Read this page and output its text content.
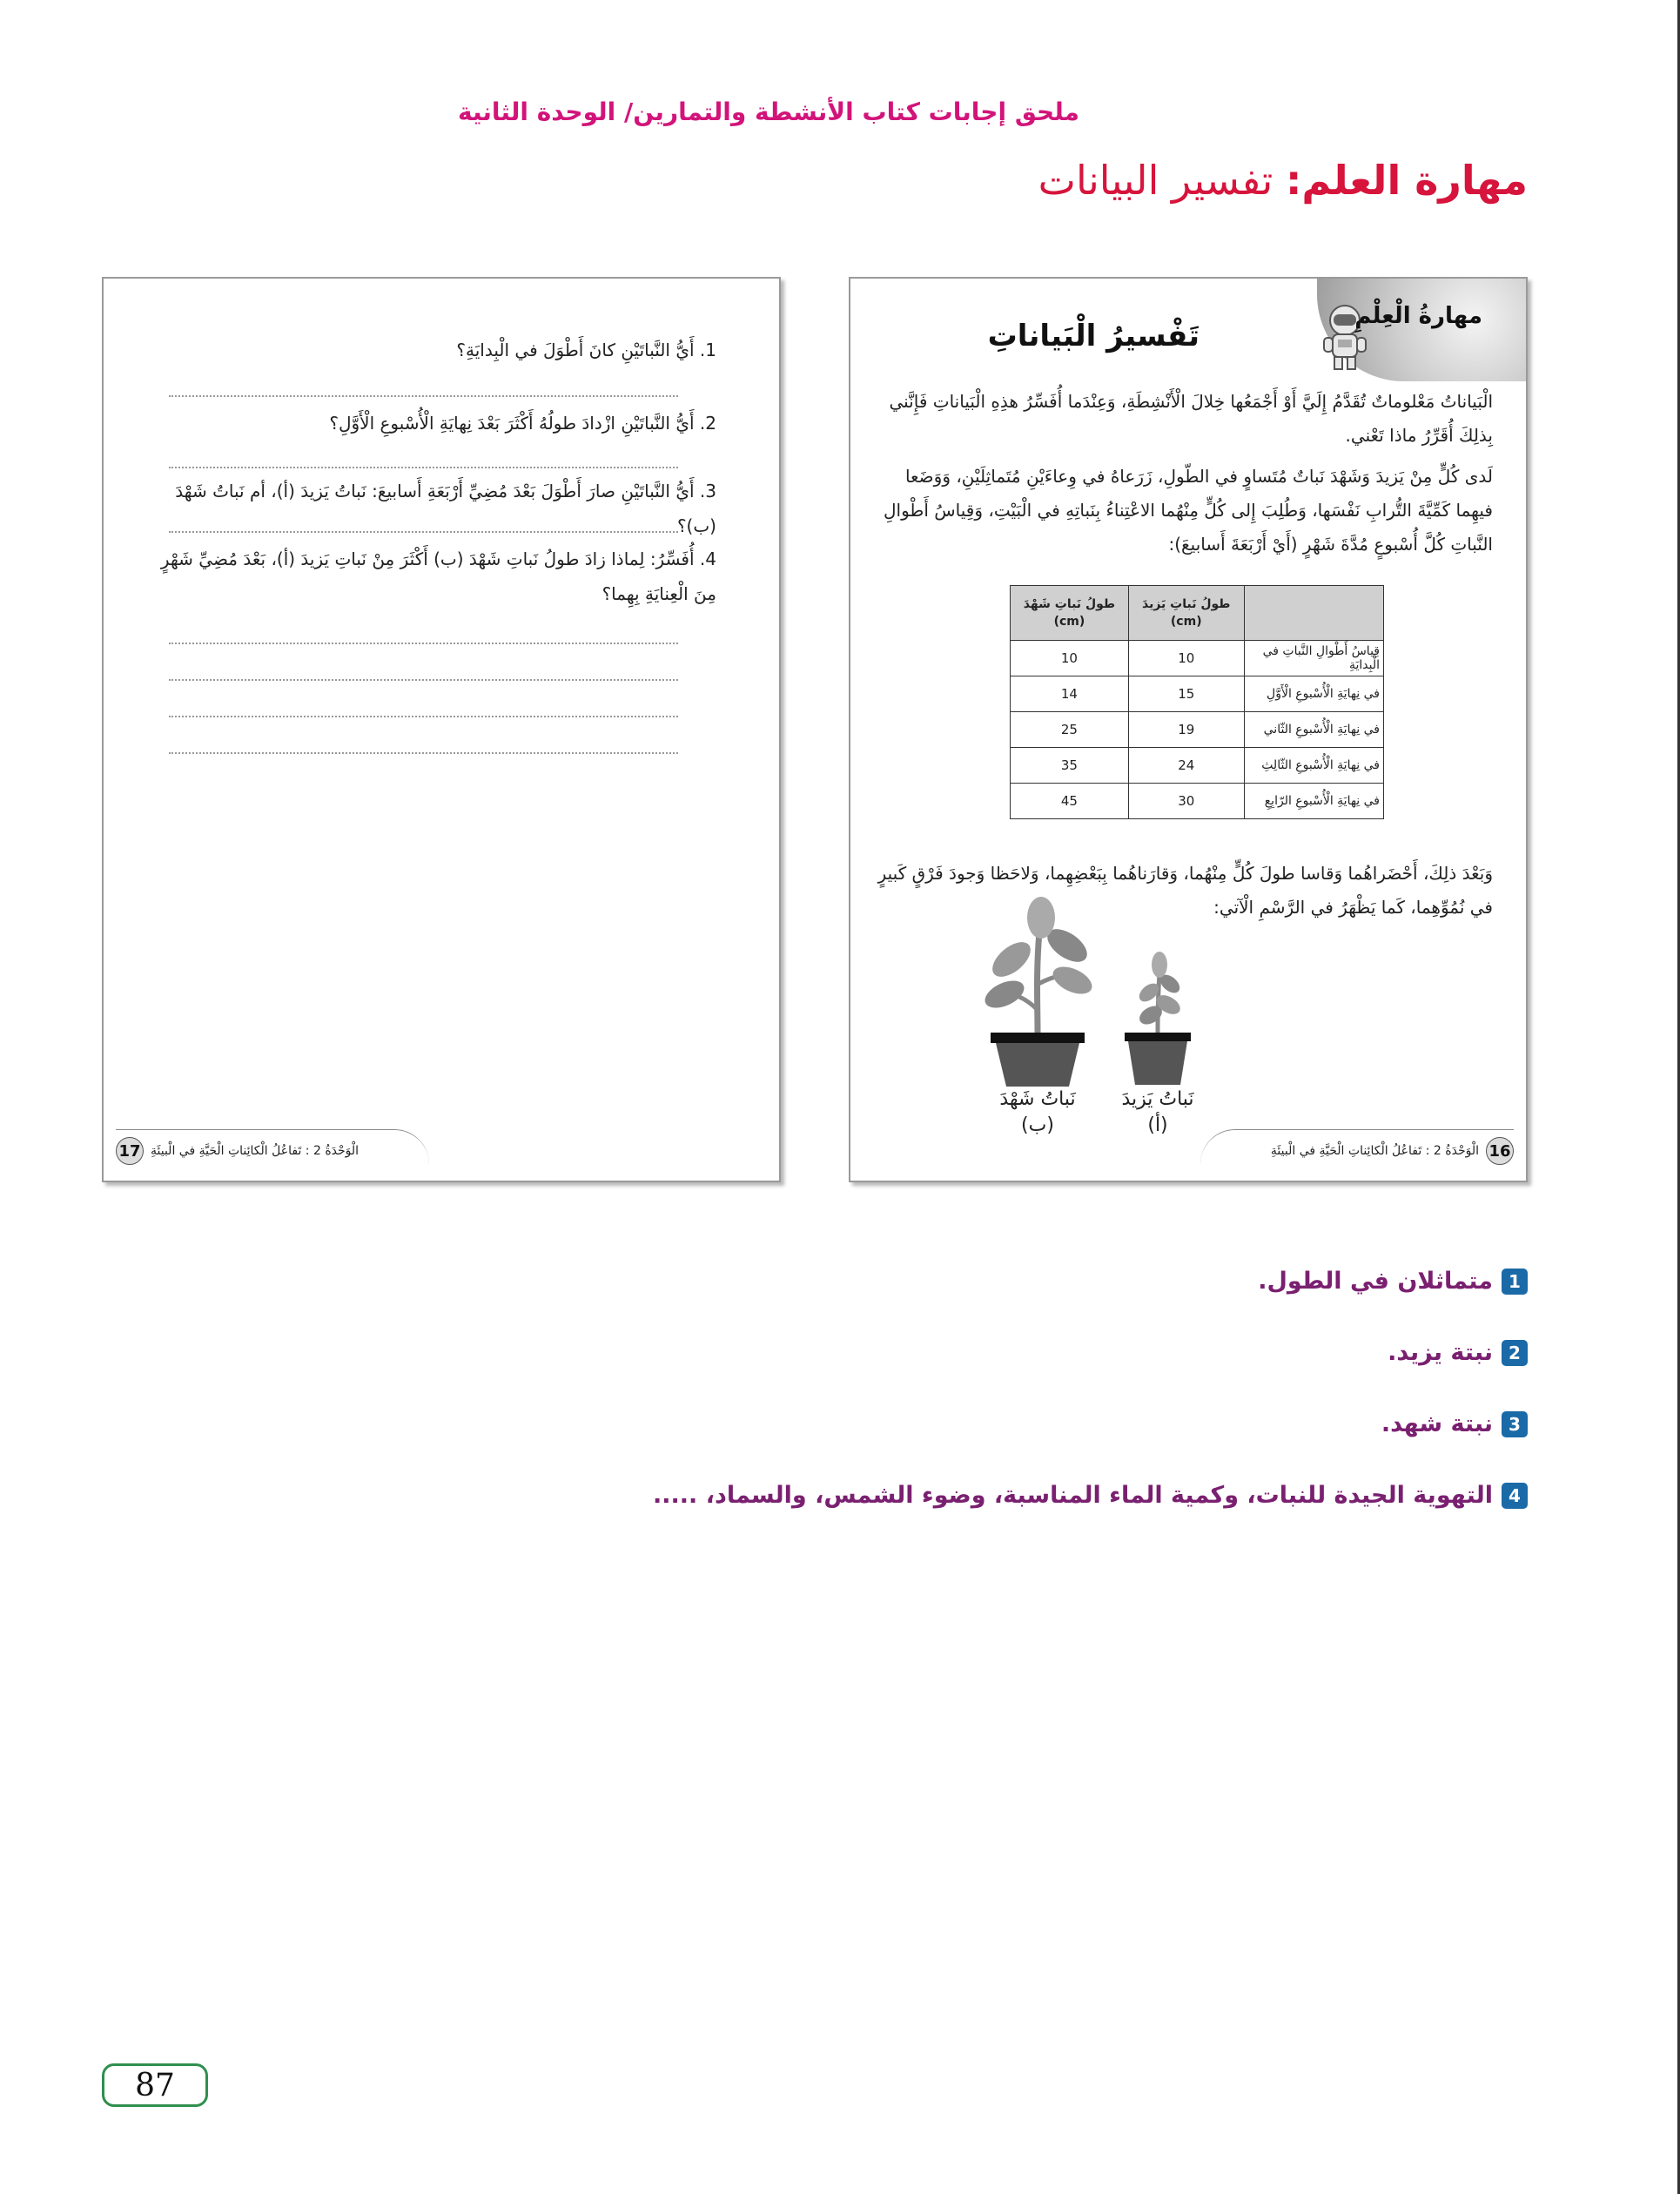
ملحق إجابات كتاب الأنشطة والتمارين/ الوحدة الثانية
مهارة العلم: تفسير البيانات
مهارةُ الْعِلْمِ
تَفْسيرُ الْبَياناتِ

الْبَياناتُ مَعْلوماتٌ تُقَدَّمُ إِلَيَّ أَوْ أَجْمَعُها خِلالَ الْأَنْشِطَةِ، وَعِنْدَما أُفَسِّرُ هذِهِ الْبَياناتِ فَإِنَّني بِذلِكَ أُقَرِّرُ ماذا تَعْني.

لَدى كُلٍّ مِنْ يَزيدَ وَشَهْدَ نَباتٌ مُتَساوٍ في الطّولِ، زَرَعاهُ في وِعاءَيْنِ مُتَماثِلَيْنِ، وَوَضَعا فيهِما كَمِّيَّةَ التُّرابِ نَفْسَها، وَطُلِبَ إِلى كُلٍّ مِنْهُما الاعْتِناءُ بِنَباتِهِ في الْبَيْتِ، وَقِياسُ أَطْوالِ النَّباتِ كُلَّ أُسْبوعٍ مُدَّةَ شَهْرٍ (أَيْ أَرْبَعَةَ أَسابيعَ):

	طولُ نَباتِ يَزيدَ (cm)	طولُ نَباتِ شَهْدَ (cm)
قِياسُ أَطْوالِ النَّباتِ في الْبِدايَةِ	10	10
في نِهايَةِ الْأُسْبوعِ الْأَوَّلِ	15	14
في نِهايَةِ الْأُسْبوعِ الثّاني	19	25
في نِهايَةِ الْأُسْبوعِ الثّالِثِ	24	35
في نِهايَةِ الْأُسْبوعِ الرّابِعِ	30	45

وَبَعْدَ ذلِكَ، أَحْضَراهُما وَقاسا طولَ كُلٍّ مِنْهُما، وَقارَناهُما بِبَعْضِهِما، وَلاحَظا وَجودَ فَرْقٍ كَبيرٍ في نُمُوِّهِما، كَما يَظْهَرُ في الرَّسْمِ الْآتي:

نَباتُ يَزيدَ
(أ)
نَباتُ شَهْدَ
(ب)
16
الْوَحْدَةُ 2 : تَفاعُلُ الْكائِناتِ الْحَيَّةِ في الْبيئَةِ

1. أَيُّ النَّباتَيْنِ كانَ أَطْوَلَ في الْبِدايَةِ؟

2. أَيُّ النَّباتَيْنِ ازْدادَ طولُهُ أَكْثَرَ بَعْدَ نِهايَةِ الْأُسْبوعِ الْأَوَّلِ؟

3. أَيُّ النَّباتَيْنِ صارَ أَطْوَلَ بَعْدَ مُضِيِّ أَرْبَعَةِ أَسابيعَ: نَباتُ يَزيدَ (أ)، أم نَباتُ شَهْدَ (ب)؟

4. أُفَسِّرُ: لِماذا زادَ طولُ نَباتِ شَهْدَ (ب) أَكْثَرَ مِنْ نَباتِ يَزيدَ (أ)، بَعْدَ مُضِيِّ شَهْرٍ مِنَ الْعِنايَةِ بِهِما؟

الْوَحْدَةُ 2 : تَفاعُلُ الْكائِناتِ الْحَيَّةِ في الْبيئَةِ
17
1
متماثلان في الطول.
2
نبتة يزيد.
3
نبتة شهد.
4
التهوية الجيدة للنبات، وكمية الماء المناسبة، وضوء الشمس، والسماد، .....
87
